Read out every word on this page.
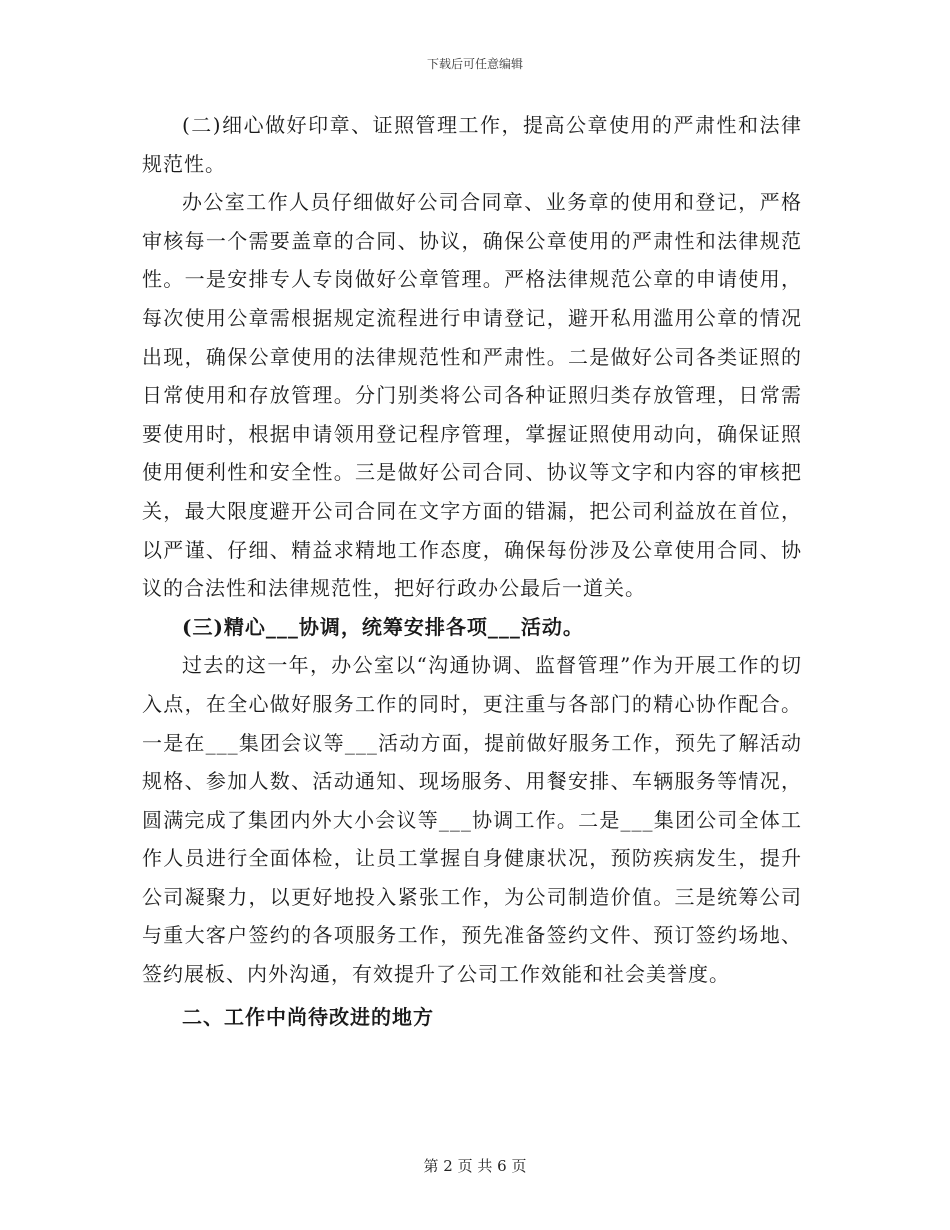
下载后可任意编辑

(二)细心做好印章、证照管理工作，提高公章使用的严肃性和法律规范性。

办公室工作人员仔细做好公司合同章、业务章的使用和登记，严格审核每一个需要盖章的合同、协议，确保公章使用的严肃性和法律规范性。一是安排专人专岗做好公章管理。严格法律规范公章的申请使用，每次使用公章需根据规定流程进行申请登记，避开私用滥用公章的情况出现，确保公章使用的法律规范性和严肃性。二是做好公司各类证照的日常使用和存放管理。分门别类将公司各种证照归类存放管理，日常需要使用时，根据申请领用登记程序管理，掌握证照使用动向，确保证照使用便利性和安全性。三是做好公司合同、协议等文字和内容的审核把关，最大限度避开公司合同在文字方面的错漏，把公司利益放在首位，以严谨、仔细、精益求精地工作态度，确保每份涉及公章使用合同、协议的合法性和法律规范性，把好行政办公最后一道关。

(三)精心___协调，统筹安排各项___活动。

过去的这一年，办公室以“沟通协调、监督管理”作为开展工作的切入点，在全心做好服务工作的同时，更注重与各部门的精心协作配合。一是在___集团会议等___活动方面，提前做好服务工作，预先了解活动规格、参加人数、活动通知、现场服务、用餐安排、车辆服务等情况，圆满完成了集团内外大小会议等___协调工作。二是___集团公司全体工作人员进行全面体检，让员工掌握自身健康状况，预防疾病发生，提升公司凝聚力，以更好地投入紧张工作，为公司制造价值。三是统筹公司与重大客户签约的各项服务工作，预先准备签约文件、预订签约场地、签约展板、内外沟通，有效提升了公司工作效能和社会美誉度。

二、工作中尚待改进的地方

第 2 页 共 6 页
